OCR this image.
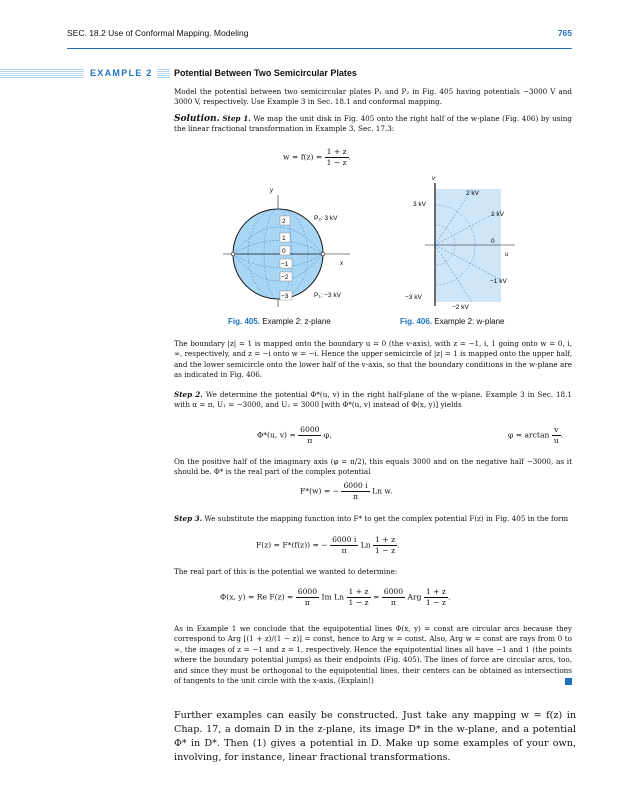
SEC. 18.2 Use of Conformal Mapping. Modeling	765
EXAMPLE 2	Potential Between Two Semicircular Plates
Model the potential between two semicircular plates P₁ and P₂ in Fig. 405 having potentials −3000 V and 3000 V, respectively. Use Example 3 in Sec. 18.1 and conformal mapping.
Solution. Step 1. We map the unit disk in Fig. 405 onto the right half of the w-plane (Fig. 406) by using the linear fractional transformation in Example 3, Sec. 17.3:
$w = f(z) = \frac{1 + z}{1 - z}$ .
y
x
2
1
0
−1
−2
−3
P₂: 3 kV
P₁: −3 kV
Fig. 405. Example 2: z-plane
v
u
3 kV
2 kV
1 kV
0
−1 kV
−3 kV
−2 kV
Fig. 406. Example 2: w-plane
The boundary |z| = 1 is mapped onto the boundary u = 0 (the v-axis), with z = −1, i, 1 going onto w = 0, i, ∞, respectively, and z = −i onto w = −i. Hence the upper semicircle of |z| = 1 is mapped onto the upper half, and the lower semicircle onto the lower half of the v-axis, so that the boundary conditions in the w-plane are as indicated in Fig. 406.
Step 2. We determine the potential Φ*(u, v) in the right half-plane of the w-plane. Example 3 in Sec. 18.1 with α = π, U₁ = −3000, and U₂ = 3000 [with Φ*(u, v) instead of Φ(x, y)] yields
Φ*(u, $v) = \frac{6000}{\pi} \varphi$,	$\varphi = \arctan \frac{v}{u}$ .
On the positive half of the imaginary axis (φ = π/2), this equals 3000 and on the negative half −3000, as it should be. Φ* is the real part of the complex potential
F*(w) = − $\frac{6000 i}{\pi}$ Ln w.
Step 3. We substitute the mapping function into F* to get the complex potential F(z) in Fig. 405 in the form
F(z) = F*(f(z)) = − $\frac{6000 i}{\pi}$ Ln $\frac{1 + z}{1 - z}$ .
The real part of this is the potential we wanted to determine:
Φ(x, y) = Re $F(z) = \frac{6000}{\pi}$ Im Ln $\frac{1 + z}{1 - z} = \frac{6000}{\pi}$ Arg $\frac{1 + z}{1 - z}$ .
As in Example 1 we conclude that the equipotential lines Φ(x, y) = const are circular arcs because they correspond to Arg [(1 + z)/(1 − z)] = const, hence to Arg w = const. Also, Arg w = const are rays from 0 to ∞, the images of z = −1 and z = 1, respectively. Hence the equipotential lines all have −1 and 1 (the points where the boundary potential jumps) as their endpoints (Fig. 405). The lines of force are circular arcs, too, and since they must be orthogonal to the equipotential lines, their centers can be obtained as intersections of tangents to the unit circle with the x-axis. (Explain!)
Further examples can easily be constructed. Just take any mapping w = f(z) in Chap. 17, a domain D in the z-plane, its image D* in the w-plane, and a potential Φ* in D*. Then (1) gives a potential in D. Make up some examples of your own, involving, for instance, linear fractional transformations.
